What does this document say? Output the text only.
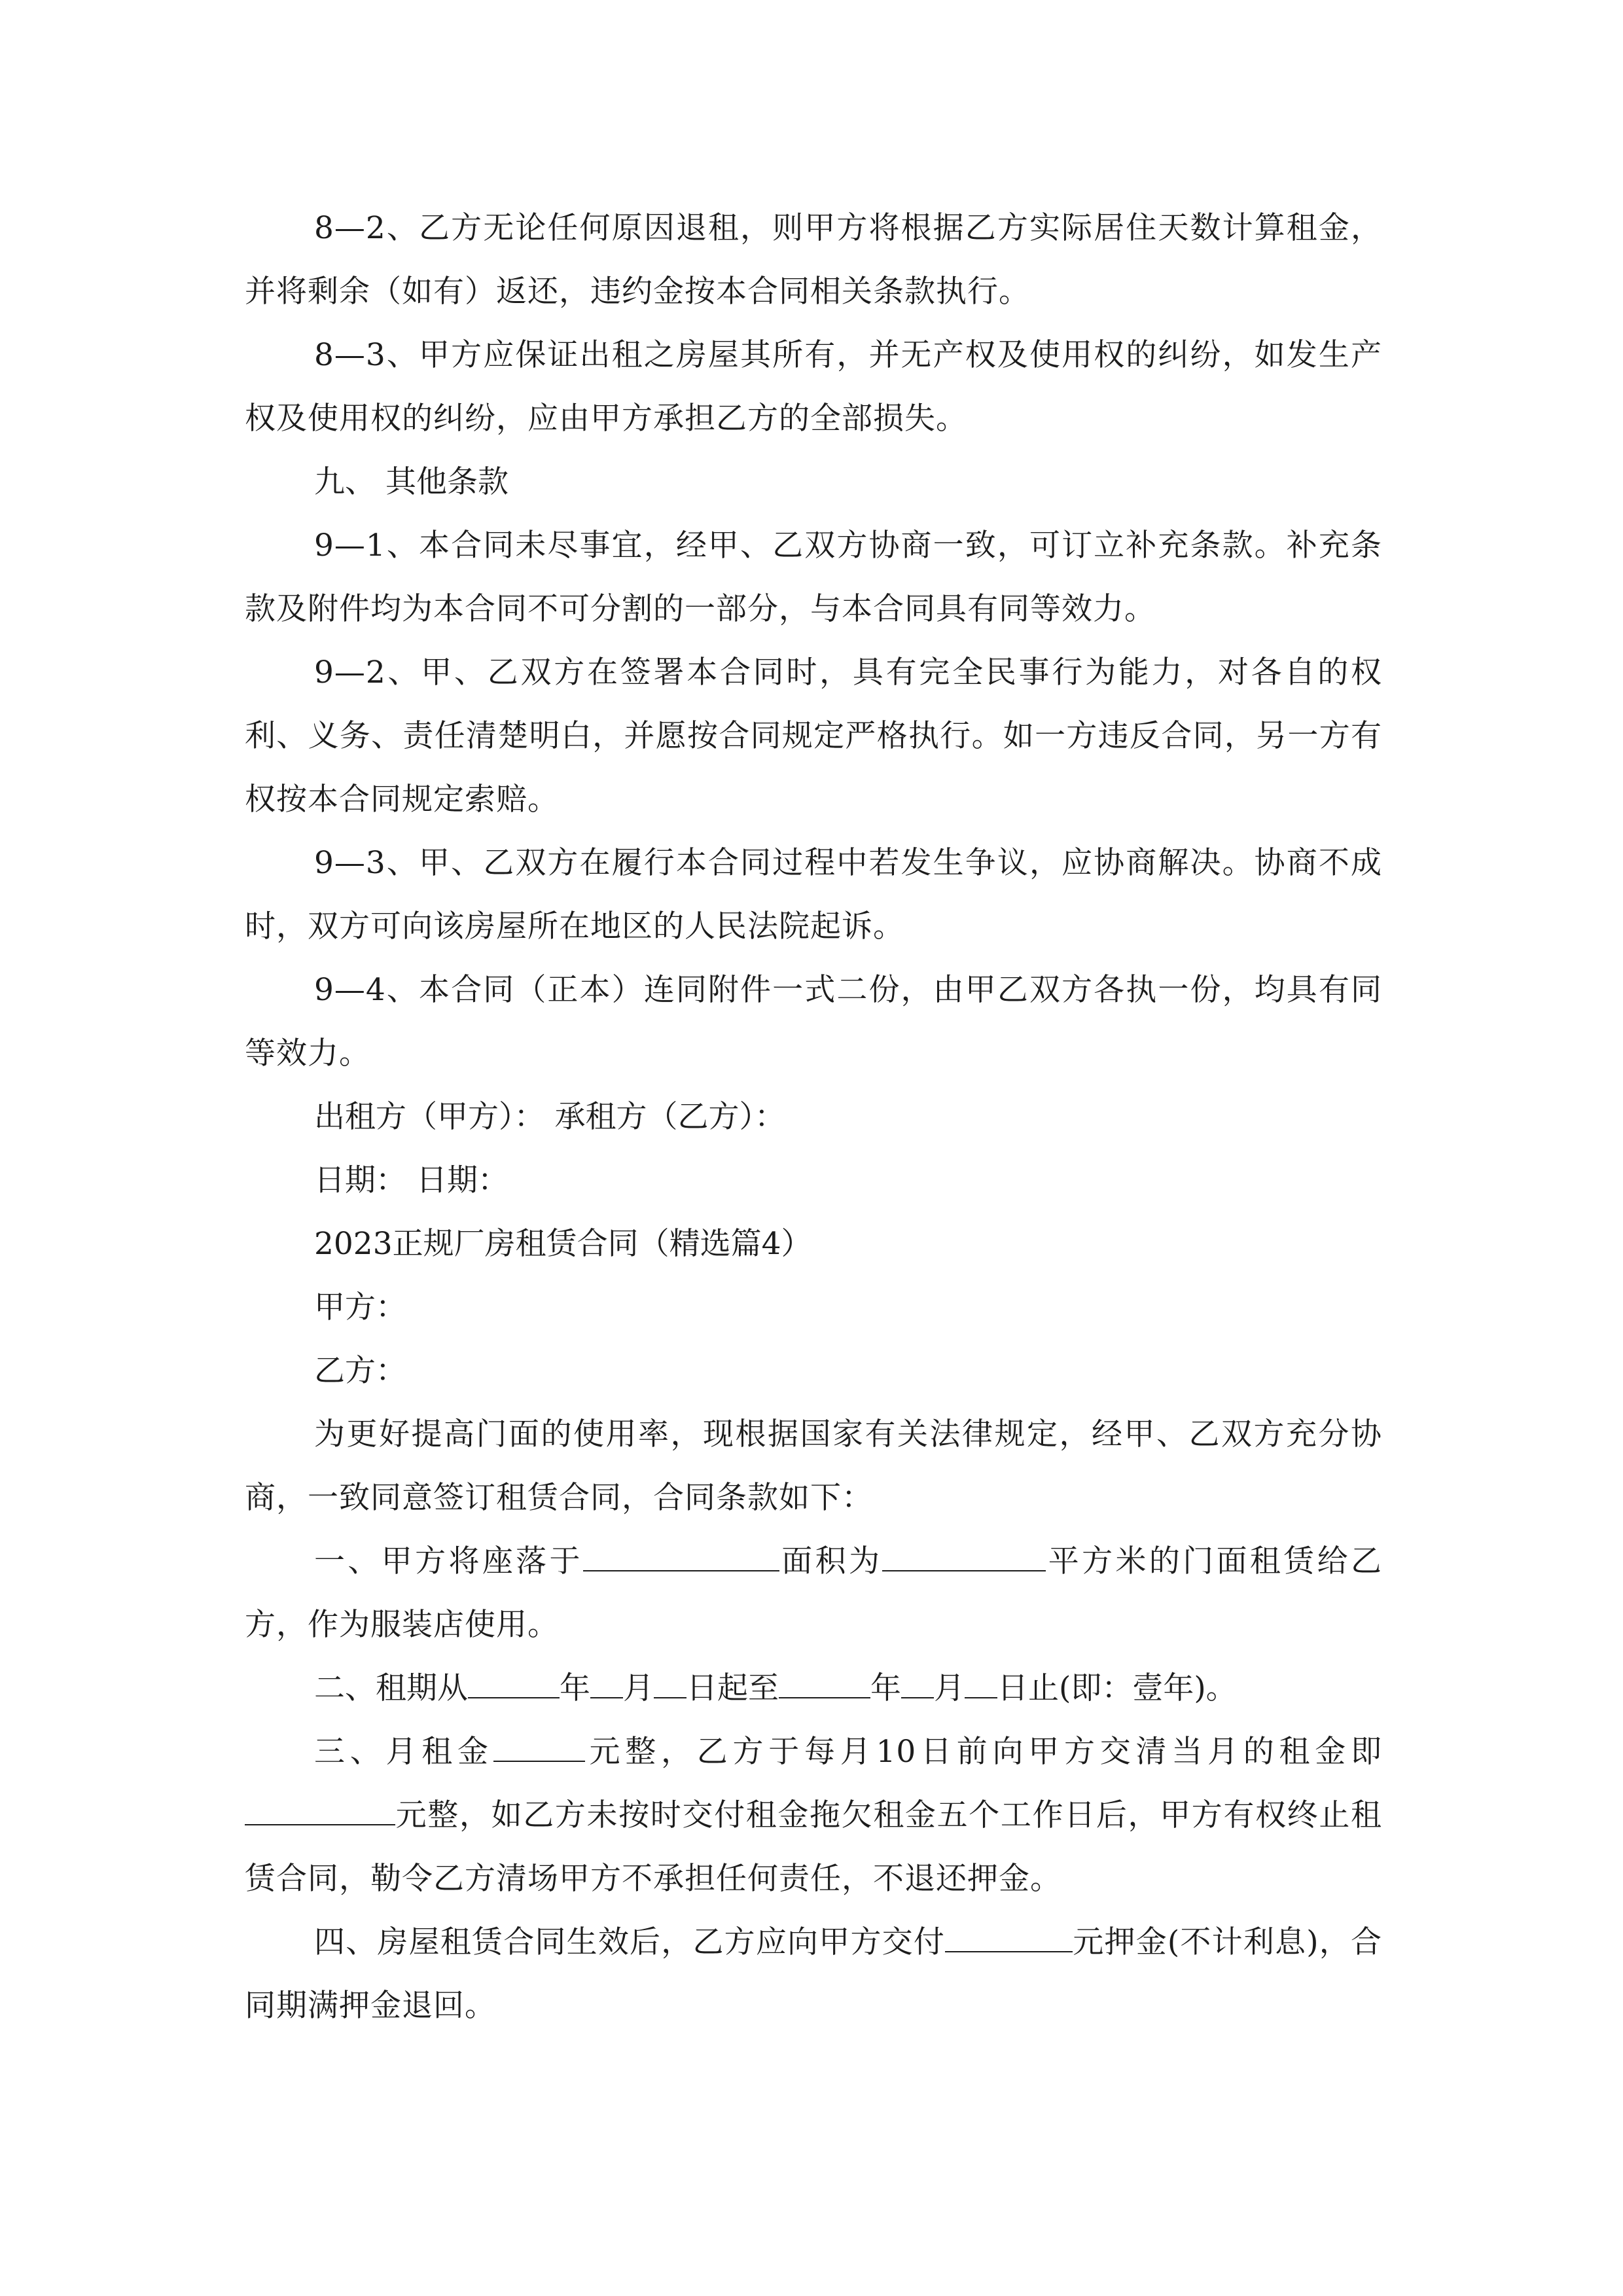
8—2、乙方无论任何原因退租，则甲方将根据乙方实际居住天数计算租金，并将剩余（如有）返还，违约金按本合同相关条款执行。

8—3、甲方应保证出租之房屋其所有，并无产权及使用权的纠纷，如发生产权及使用权的纠纷，应由甲方承担乙方的全部损失。

九、 其他条款

9—1、本合同未尽事宜，经甲、乙双方协商一致，可订立补充条款。补充条款及附件均为本合同不可分割的一部分，与本合同具有同等效力。

9—2、甲、乙双方在签署本合同时，具有完全民事行为能力，对各自的权利、义务、责任清楚明白，并愿按合同规定严格执行。如一方违反合同，另一方有权按本合同规定索赔。

9—3、甲、乙双方在履行本合同过程中若发生争议，应协商解决。协商不成时，双方可向该房屋所在地区的人民法院起诉。

9—4、本合同（正本）连同附件一式二份，由甲乙双方各执一份，均具有同等效力。

出租方（甲方）： 承租方（乙方）：

日期： 日期：

2023正规厂房租赁合同（精选篇4）

甲方：

乙方：

为更好提高门面的使用率，现根据国家有关法律规定，经甲、乙双方充分协商，一致同意签订租赁合同，合同条款如下：

一、甲方将座落于	面积为	平方米的门面租赁给乙方，作为服装店使用。

二、租期从	年 月 日起至	年 月 日止(即：壹年)。

三、月租金	元整，乙方于每月10日前向甲方交清当月的租金即元整，如乙方未按时交付租金拖欠租金五个工作日后，甲方有权终止租赁合同，勒令乙方清场甲方不承担任何责任，不退还押金。

四、房屋租赁合同生效后，乙方应向甲方交付	元押金(不计利息)，合同期满押金退回。
